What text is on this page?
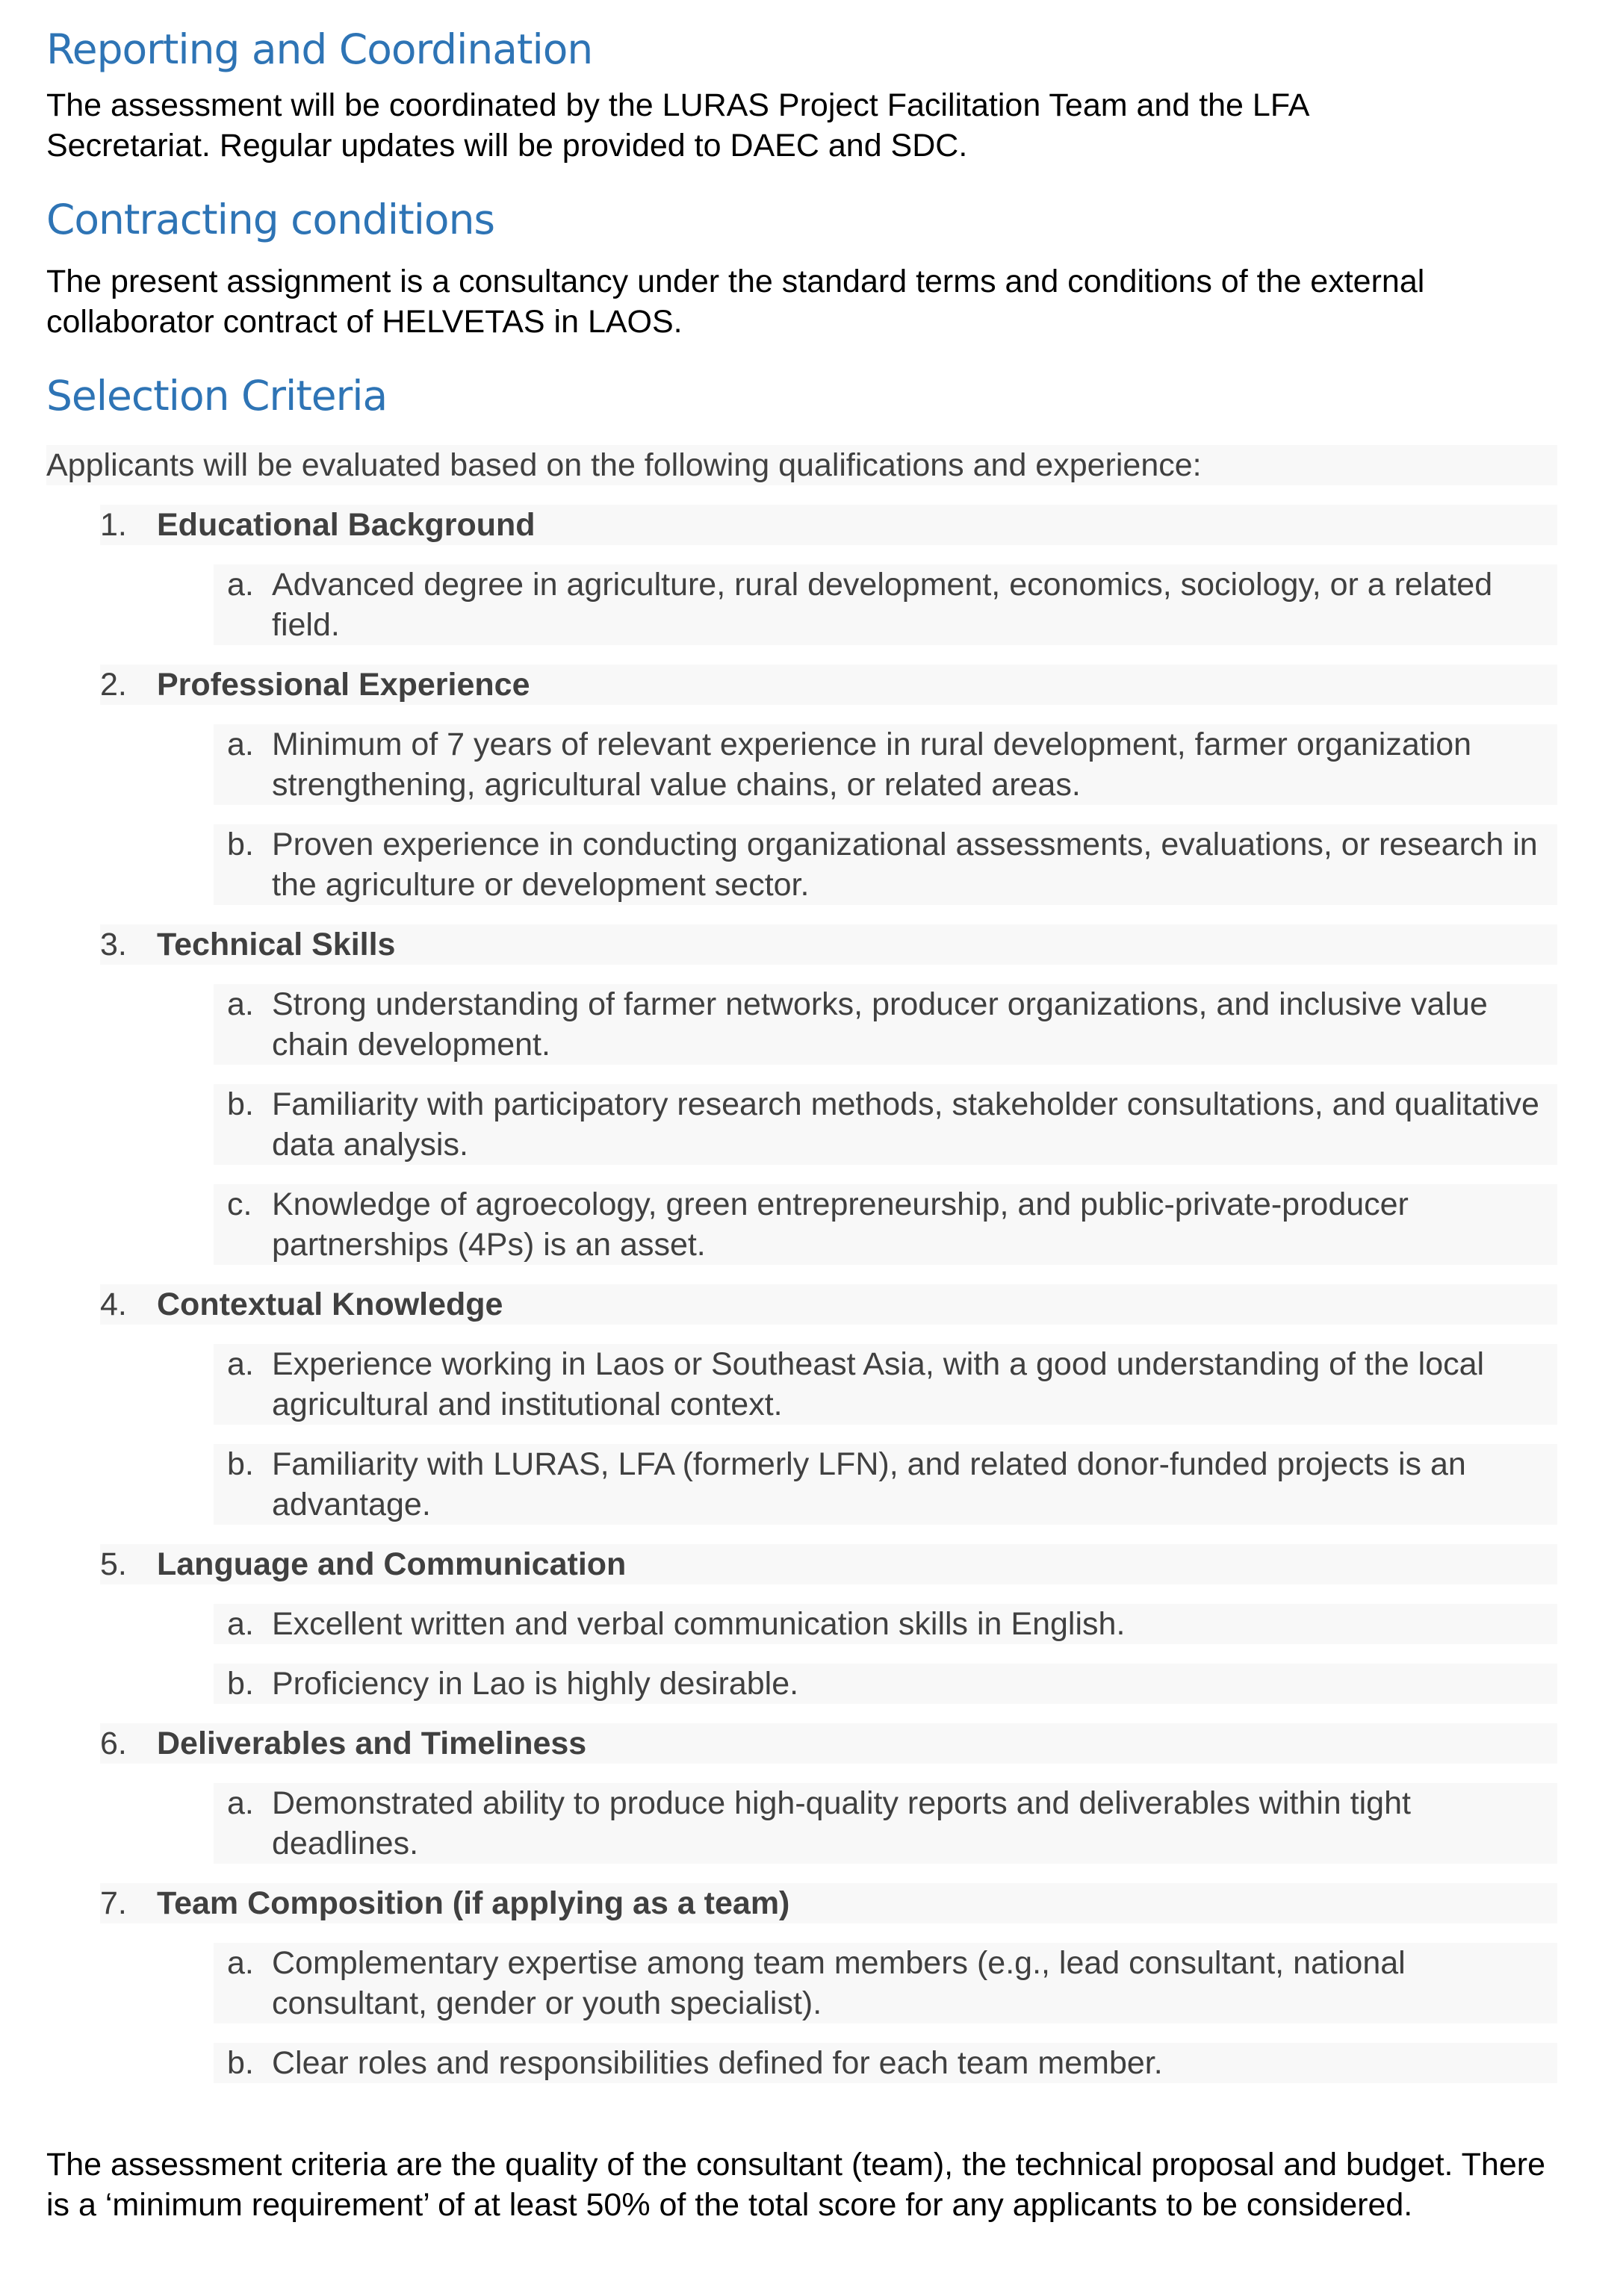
Reporting and Coordination

The assessment will be coordinated by the LURAS Project Facilitation Team and the LFA Secretariat. Regular updates will be provided to DAEC and SDC.

Contracting conditions

The present assignment is a consultancy under the standard terms and conditions of the external collaborator contract of HELVETAS in LAOS.

Selection Criteria

Applicants will be evaluated based on the following qualifications and experience:

1. Educational Background
a. Advanced degree in agriculture, rural development, economics, sociology, or a related field.
2. Professional Experience
a. Minimum of 7 years of relevant experience in rural development, farmer organization strengthening, agricultural value chains, or related areas.
b. Proven experience in conducting organizational assessments, evaluations, or research in the agriculture or development sector.
3. Technical Skills
a. Strong understanding of farmer networks, producer organizations, and inclusive value chain development.
b. Familiarity with participatory research methods, stakeholder consultations, and qualitative data analysis.
c. Knowledge of agroecology, green entrepreneurship, and public-private-producer partnerships (4Ps) is an asset.
4. Contextual Knowledge
a. Experience working in Laos or Southeast Asia, with a good understanding of the local agricultural and institutional context.
b. Familiarity with LURAS, LFA (formerly LFN), and related donor-funded projects is an advantage.
5. Language and Communication
a. Excellent written and verbal communication skills in English.
b. Proficiency in Lao is highly desirable.
6. Deliverables and Timeliness
a. Demonstrated ability to produce high-quality reports and deliverables within tight deadlines.
7. Team Composition (if applying as a team)
a. Complementary expertise among team members (e.g., lead consultant, national consultant, gender or youth specialist).
b. Clear roles and responsibilities defined for each team member.

The assessment criteria are the quality of the consultant (team), the technical proposal and budget. There is a ‘minimum requirement’ of at least 50% of the total score for any applicants to be considered.
